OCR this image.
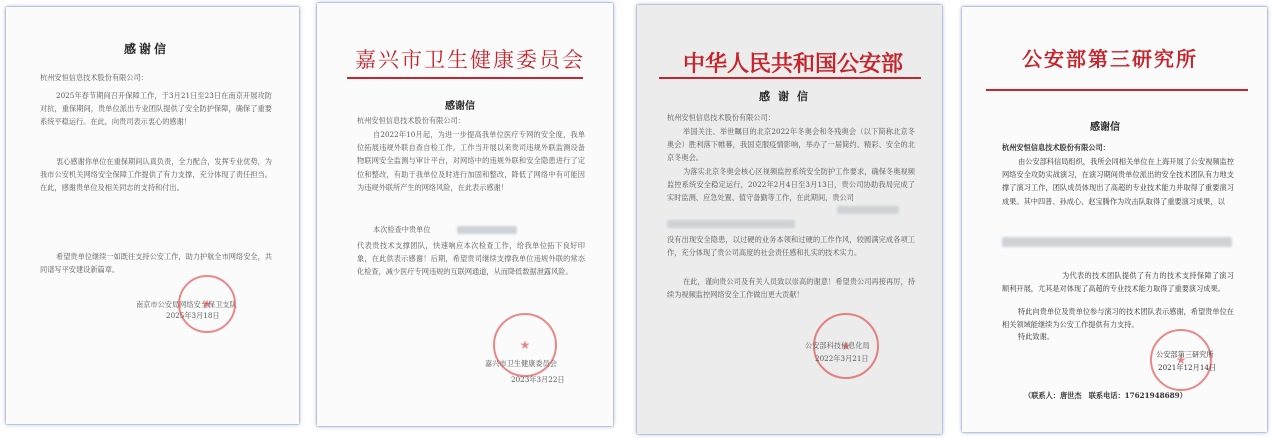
感谢信
杭州安恒信息技术股份有限公司：
2025年春节期间召开保障工作，于3月21日至23日在南京开展攻防对抗，重保期间，贵单位派出专业团队提供了安全防护保障，确保了重要系统平稳运行。在此，向贵司表示衷心的感谢！
衷心感谢你单位在重保期间认真负责，全力配合，发挥专业优势，为我市公安机关网络安全保障工作提供了有力支撑，充分体现了责任担当。在此，感谢贵单位及相关同志的支持和付出。
希望贵单位继续一如既往支持公安工作，助力护航全市网络安全，共同谱写平安建设新篇章。
南京市公安局网络安全保卫支队
2025年3月18日
★
嘉兴市卫生健康委员会
感谢信
杭州安恒信息技术股份有限公司：
自2022年10月起，为进一步提高我单位医疗专网的安全度，我单位拓展违规外联自查自检工作。工作当开展以来贵司违规外联监测设备物联网安全监测与审计平台，对网络中的违规外联和安全隐患进行了定位和整改，有助于我单位及时进行加固和整改，降低了网络中有可能因为违规外联所产生的网络风险，在此表示感谢！
本次检查中贵单位
代表贵技术支撑团队，快速响应本次检查工作，给我单位拓下良好印象，在此供表示感谢！后期，希望贵司继续支撑我单位违规外联的常态化检查，减少医疗专网违规的互联网通道，从而降低数据泄露风险。
★
嘉兴市卫生健康委员会
2023年3月22日
中华人民共和国公安部
感谢信
杭州安恒信息技术股份有限公司：
举国关注、举世瞩目的北京2022年冬奥会和冬残奥会（以下简称北京冬奥会）胜利落下帷幕，我国克服疫情影响，举办了一届简约、精彩、安全的北京冬奥会。
为落实北京冬奥会核心区视频监控系统安全防护工作要求，确保冬奥视频监控系统安全稳定运行，2022年2月4日至3月13日，贵公司协助我局完成了实时监测、应急处置、值守备勤等工作，在此期间，贵公司
没有出现安全隐患，以过硬的业务本领和过硬的工作作风，较圆满完成各项工作，充分体现了贵公司高度的社会责任感和扎实的技术实力。
在此，谨向贵公司及有关人员致以崇高的谢意！希望贵公司再接再厉，持续为视频监控网络安全工作做出更大贡献！
★
公安部科技信息化局
2022年3月21日
公安部第三研究所
感谢信
杭州安恒信息技术股份有限公司：
由公安部科信局组织，我所会同相关单位在上海开展了公安视频监控网络安全攻防实战演习，在演习期间贵单位派出的安全技术团队有力地支撑了演习工作，团队成员体现出了高超的专业技术能力并取得了重要演习成果。其中四普、孙成心、赵宝腾作为攻击队取得了重要演习成果，以
为代表的技术团队提供了有力的技术支持保障了演习顺利开展，尤其是对体现了高超的专业技术能力取得了重要演习成果。
特此向贵单位及贵单位参与演习的技术团队表示感谢，希望贵单位在相关领域能继续为公安工作提供有力支持。
特此致谢。
★
公安部第三研究所
2021年12月14日
（联系人：唐世杰　联系电话：17621948689）
